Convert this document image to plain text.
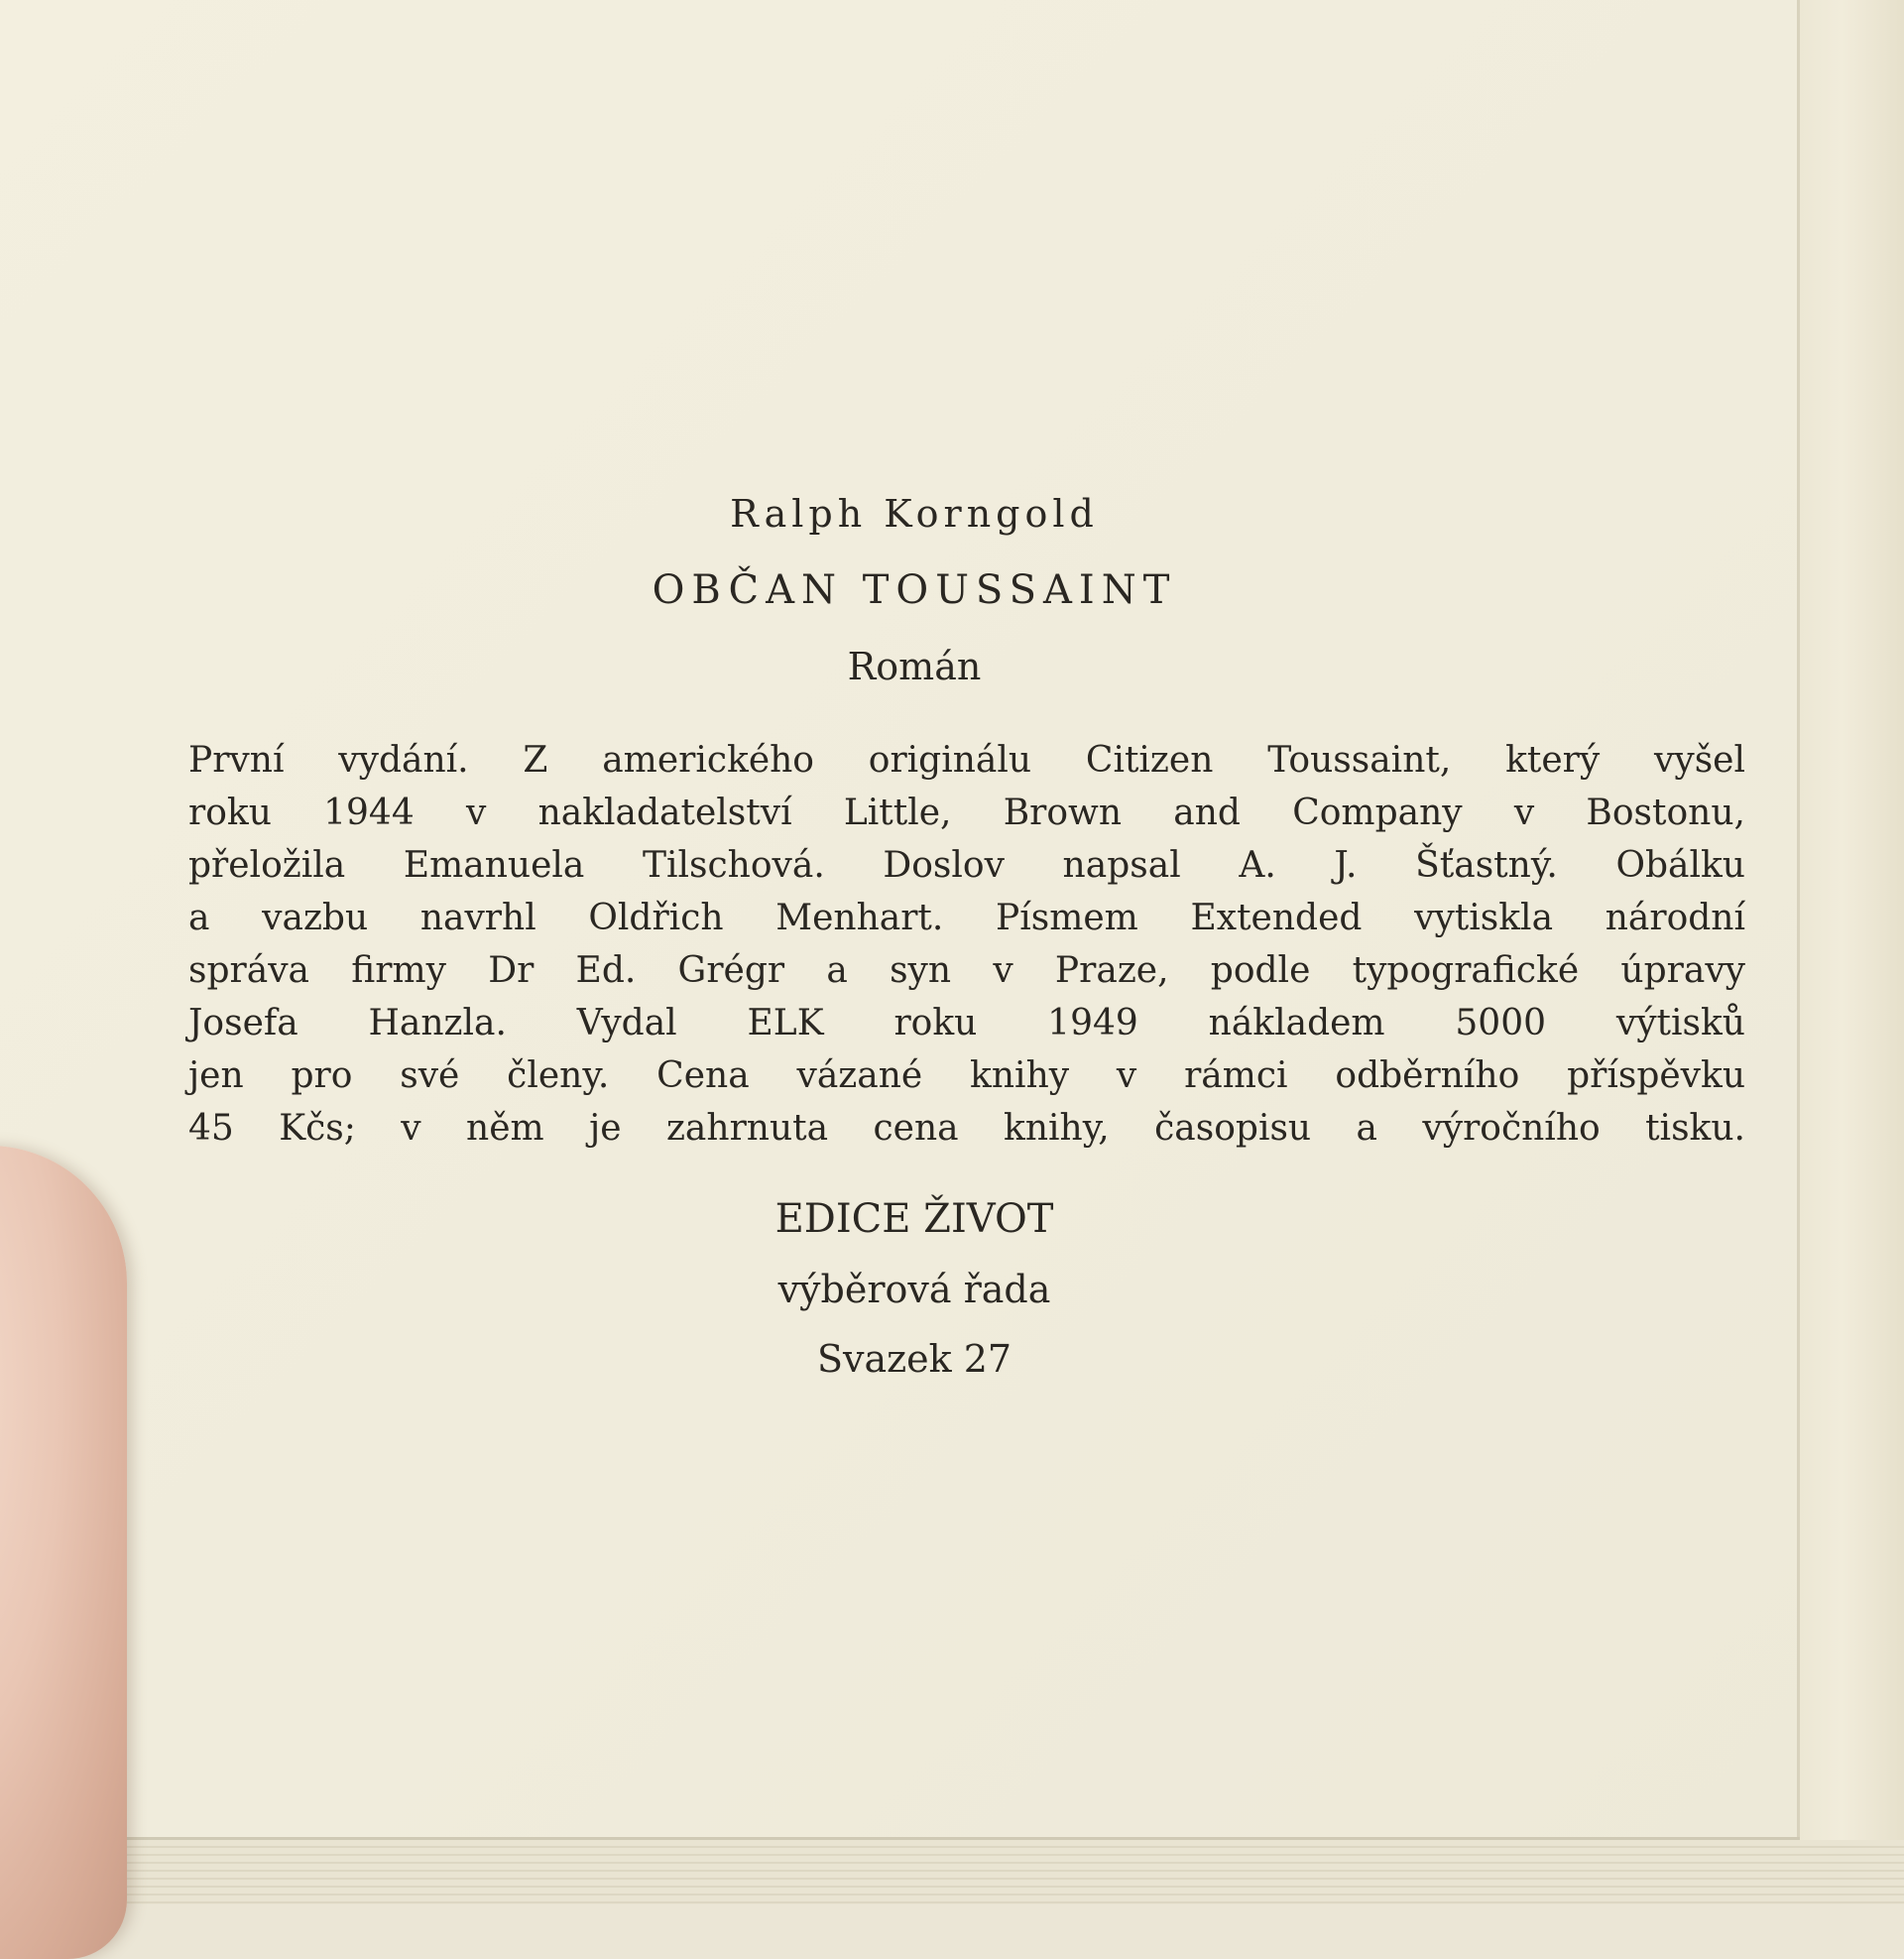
Ralph Korngold
OBČAN TOUSSAINT
Román
První vydání. Z amerického originálu Citizen Toussaint, který vyšel
roku 1944 v nakladatelství Little, Brown and Company v Bostonu,
přeložila Emanuela Tilschová. Doslov napsal A. J. Šťastný. Obálku
a vazbu navrhl Oldřich Menhart. Písmem Extended vytiskla národní
správa firmy Dr Ed. Grégr a syn v Praze, podle typografické úpravy
Josefa Hanzla. Vydal ELK roku 1949 nákladem 5000 výtisků
jen pro své členy. Cena vázané knihy v rámci odběrního příspěvku
45 Kčs; v něm je zahrnuta cena knihy, časopisu a výročního tisku.
EDICE ŽIVOT
výběrová řada
Svazek 27
